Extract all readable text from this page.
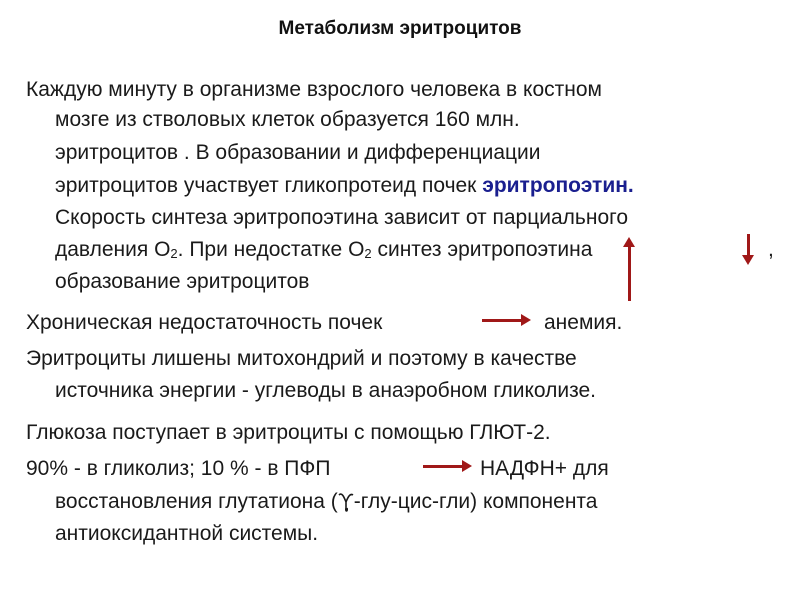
Метаболизм эритроцитов
Каждую минуту в организме взрослого человека в костном
мозге из стволовых клеток образуется 160 млн.
эритроцитов . В образовании и дифференциации
эритроцитов участвует гликопротеид почек эритропоэтин.
Скорость синтеза эритропоэтина зависит от парциального
давления $О_2$. При недостатке $О_2$ синтез эритропоэтина	,
образование эритроцитов
Хроническая недостаточность почек	анемия.
Эритроциты лишены митохондрий и поэтому в качестве
источника энергии - углеводы в анаэробном гликолизе.
Глюкоза поступает в эритроциты с помощью ГЛЮТ-2.
90% - в гликолиз; 10 % - в ПФП	НАДФН+ для
восстановления глутатиона ( -глу-цис-гли) компонента
антиоксидантной системы.
